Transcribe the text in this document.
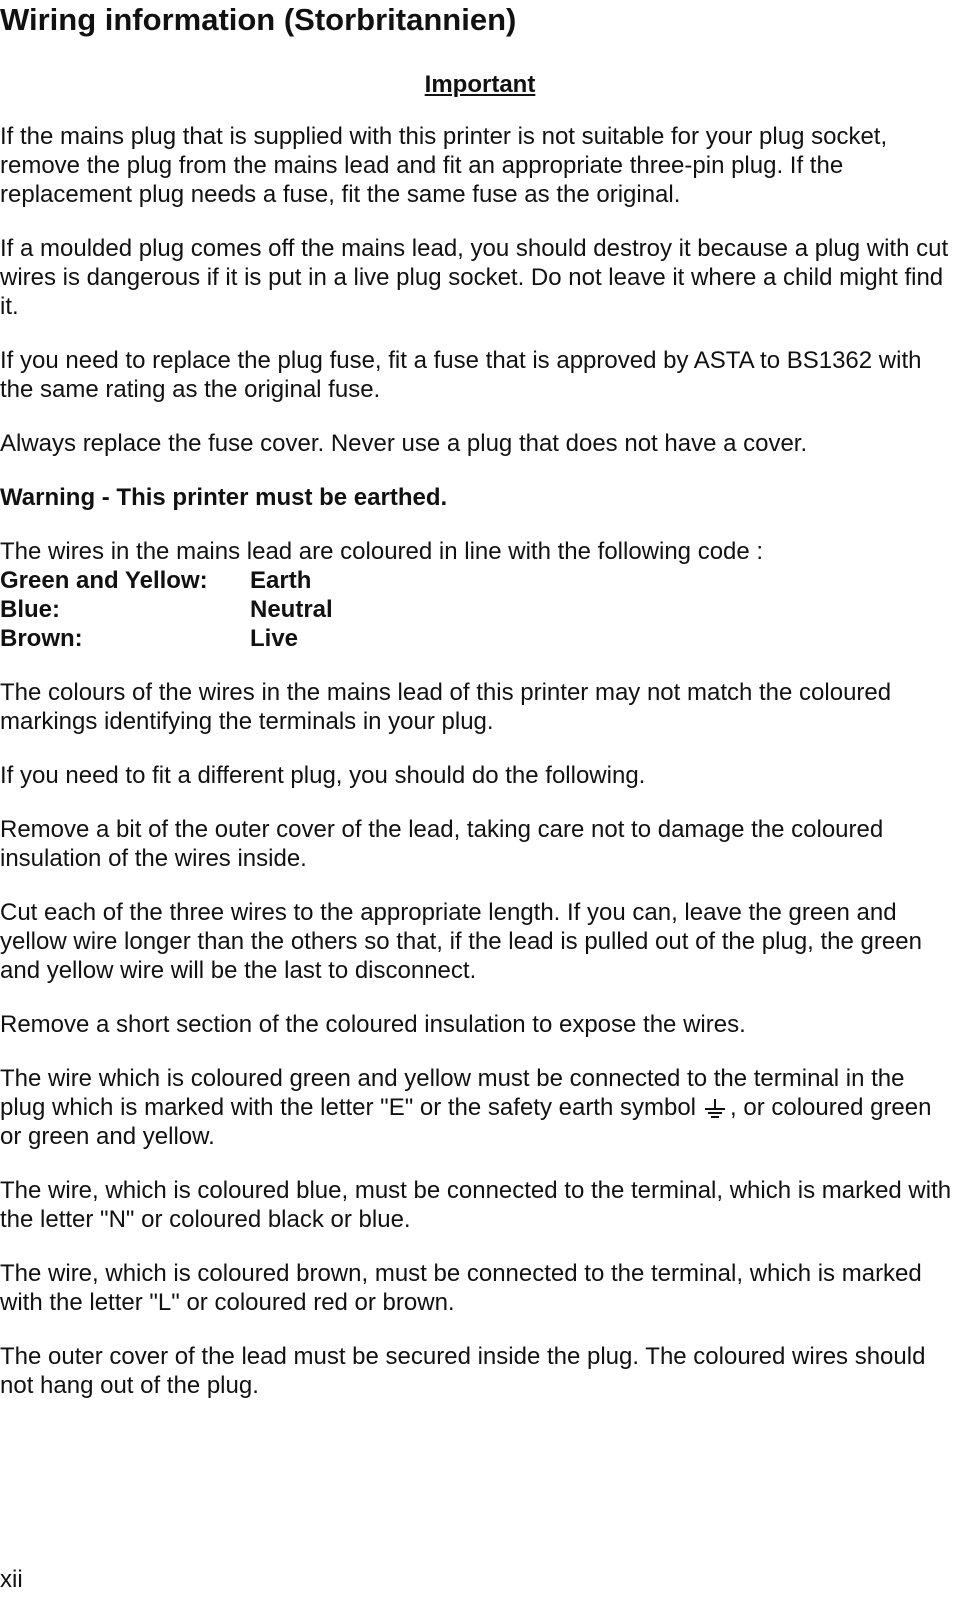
Wiring information (Storbritannien)
Important

If the mains plug that is supplied with this printer is not suitable for your plug socket, remove the plug from the mains lead and fit an appropriate three-pin plug. If the replacement plug needs a fuse, fit the same fuse as the original.

If a moulded plug comes off the mains lead, you should destroy it because a plug with cut wires is dangerous if it is put in a live plug socket. Do not leave it where a child might find it.

If you need to replace the plug fuse, fit a fuse that is approved by ASTA to BS1362 with the same rating as the original fuse.

Always replace the fuse cover. Never use a plug that does not have a cover.

Warning - This printer must be earthed.

The wires in the mains lead are coloured in line with the following code :
Green and Yellow:	Earth
Blue:	Neutral
Brown:	Live

The colours of the wires in the mains lead of this printer may not match the coloured markings identifying the terminals in your plug.

If you need to fit a different plug, you should do the following.

Remove a bit of the outer cover of the lead, taking care not to damage the coloured insulation of the wires inside.

Cut each of the three wires to the appropriate length. If you can, leave the green and yellow wire longer than the others so that, if the lead is pulled out of the plug, the green and yellow wire will be the last to disconnect.

Remove a short section of the coloured insulation to expose the wires.

The wire which is coloured green and yellow must be connected to the terminal in the plug which is marked with the letter "E" or the safety earth symbol , or coloured green or green and yellow.

The wire, which is coloured blue, must be connected to the terminal, which is marked with the letter "N" or coloured black or blue.

The wire, which is coloured brown, must be connected to the terminal, which is marked with the letter "L" or coloured red or brown.

The outer cover of the lead must be secured inside the plug. The coloured wires should not hang out of the plug.

xii
